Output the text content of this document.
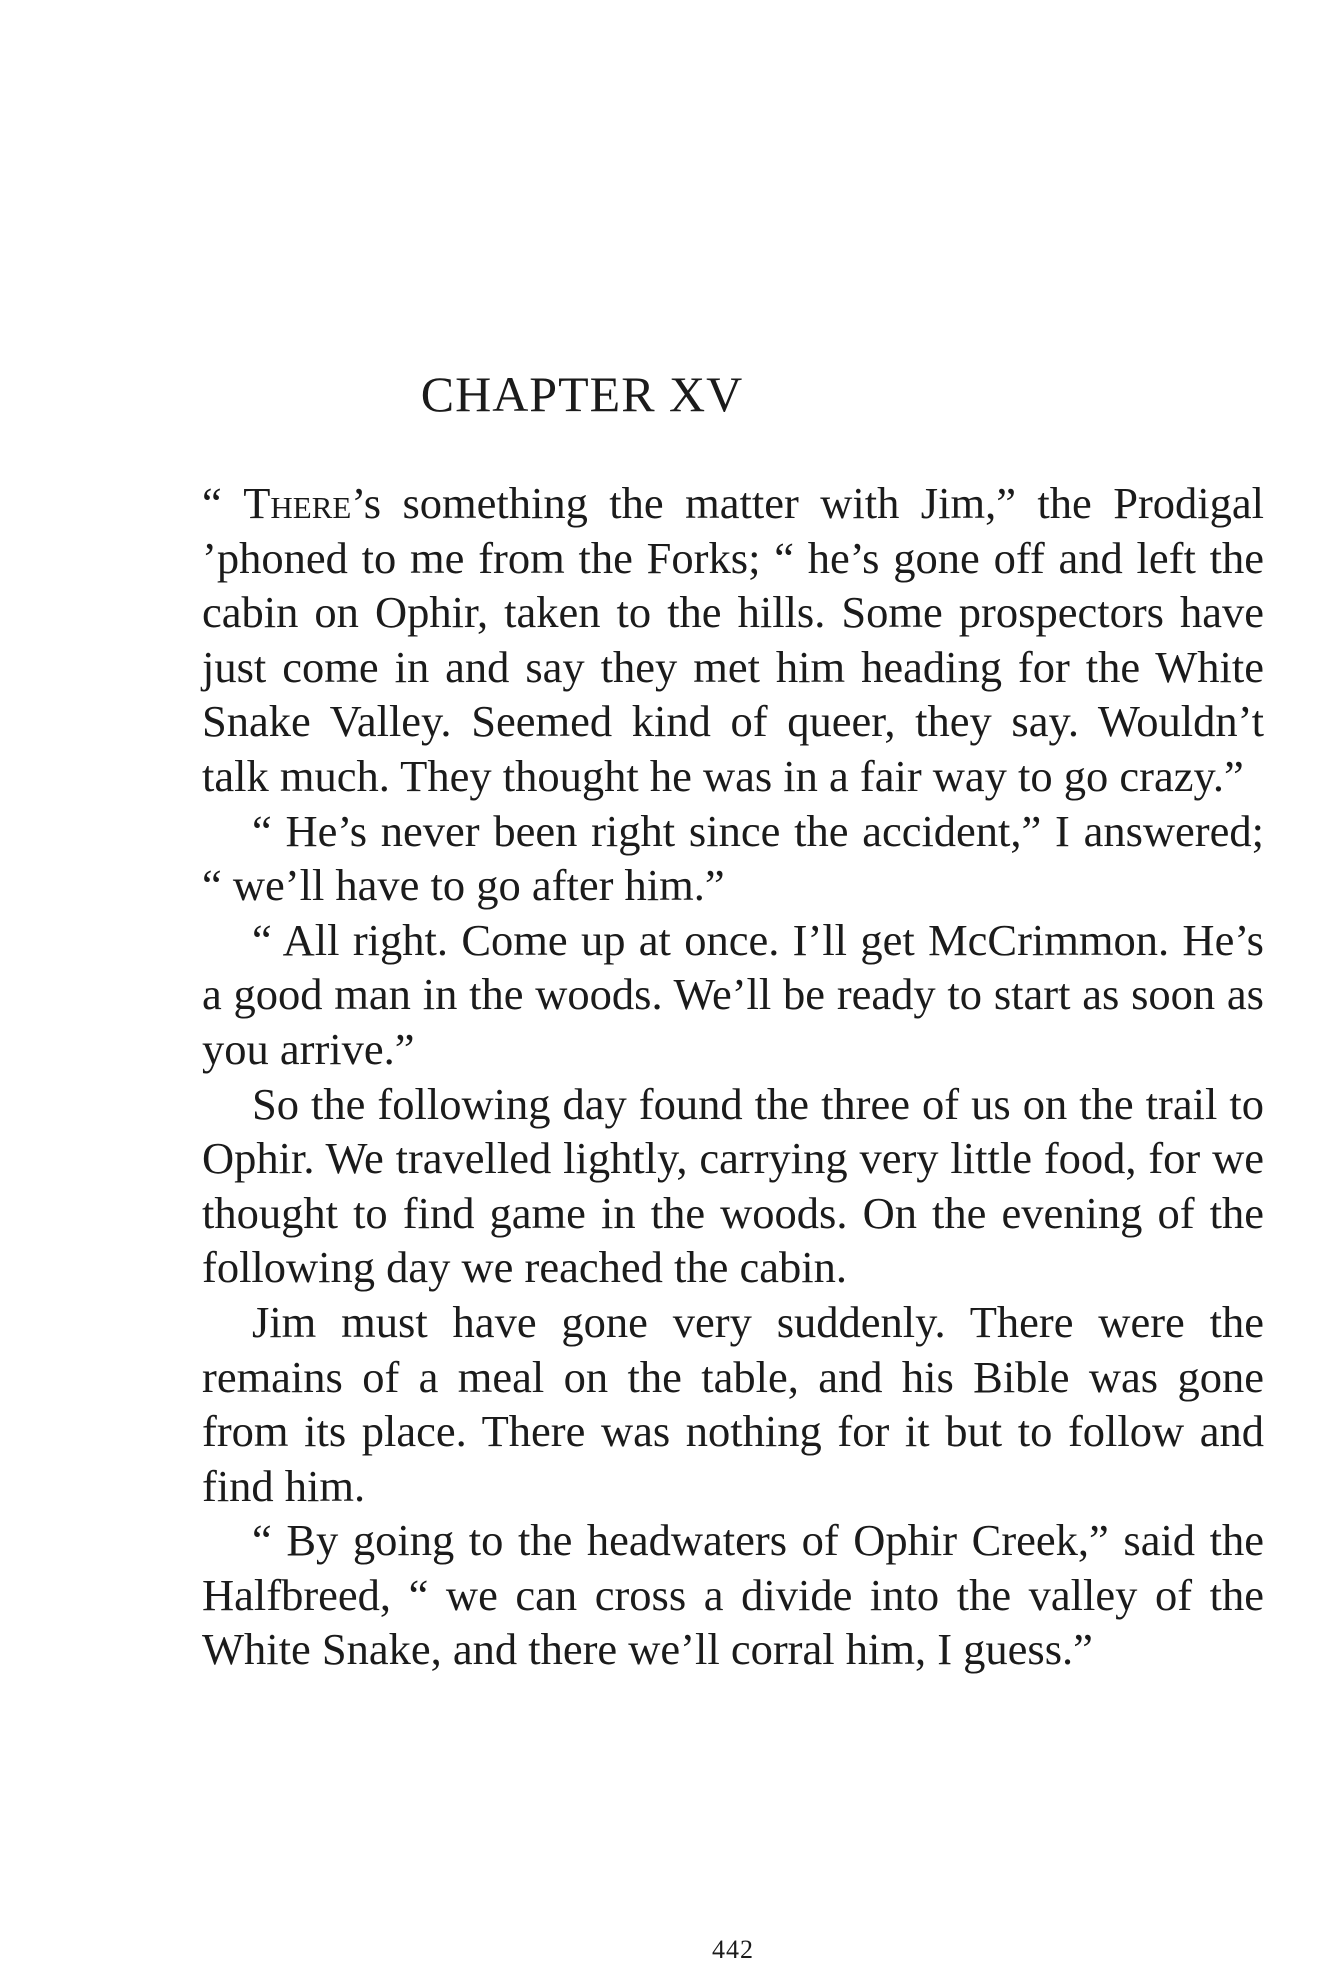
CHAPTER XV

“ There’s something the matter with Jim,” the Prodigal ’phoned to me from the Forks; “ he’s gone off and left the cabin on Ophir, taken to the hills. Some prospectors have just come in and say they met him heading for the White Snake Valley. Seemed kind of queer, they say. Wouldn’t talk much. They thought he was in a fair way to go crazy.”

“ He’s never been right since the accident,” I answered; “ we’ll have to go after him.”

“ All right. Come up at once. I’ll get McCrimmon. He’s a good man in the woods. We’ll be ready to start as soon as you arrive.”

So the following day found the three of us on the trail to Ophir. We travelled lightly, carrying very little food, for we thought to find game in the woods. On the evening of the following day we reached the cabin.

Jim must have gone very suddenly. There were the remains of a meal on the table, and his Bible was gone from its place. There was nothing for it but to follow and find him.

“ By going to the headwaters of Ophir Creek,” said the Halfbreed, “ we can cross a divide into the valley of the White Snake, and there we’ll corral him, I guess.”

442
